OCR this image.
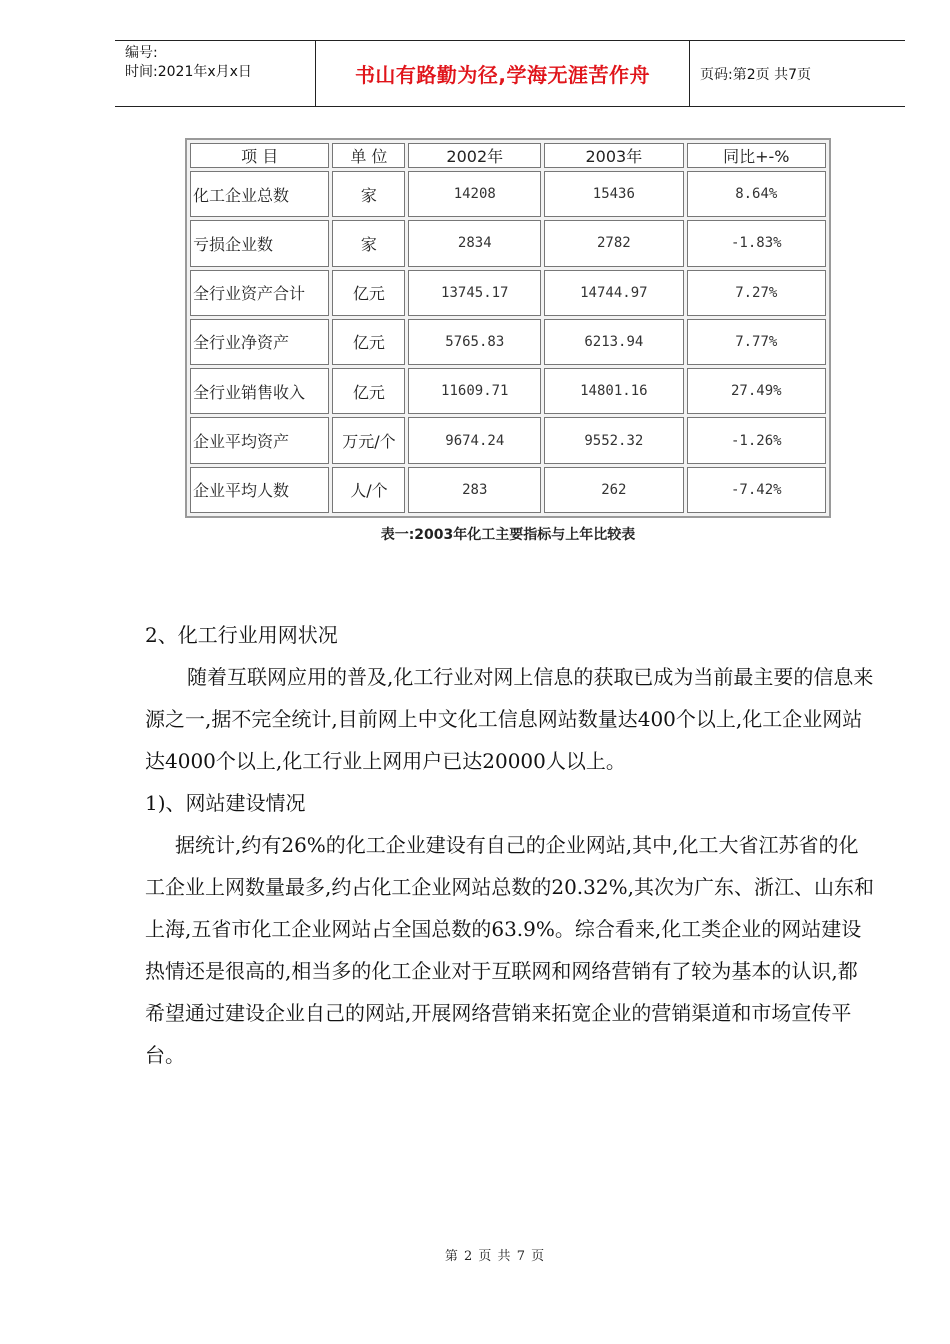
编号:
时间:2021年x月x日	书山有路勤为径,学海无涯苦作舟	页码:第2页 共7页
项 目	单 位	2002年	2003年	同比+-%
化工企业总数	家	14208	15436	8.64%
亏损企业数	家	2834	2782	-1.83%
全行业资产合计	亿元	13745.17	14744.97	7.27%
全行业净资产	亿元	5765.83	6213.94	7.77%
全行业销售收入	亿元	11609.71	14801.16	27.49%
企业平均资产	万元/个	9674.24	9552.32	-1.26%
企业平均人数	人/个	283	262	-7.42%
表一:2003年化工主要指标与上年比较表

2、化工行业用网状况

随着互联网应用的普及,化工行业对网上信息的获取已成为当前最主要的信息来源之一,据不完全统计,目前网上中文化工信息网站数量达400个以上,化工企业网站达4000个以上,化工行业上网用户已达20000人以上。

1)、网站建设情况

据统计,约有26%的化工企业建设有自己的企业网站,其中,化工大省江苏省的化工企业上网数量最多,约占化工企业网站总数的20.32%,其次为广东、浙江、山东和上海,五省市化工企业网站占全国总数的63.9%。综合看来,化工类企业的网站建设热情还是很高的,相当多的化工企业对于互联网和网络营销有了较为基本的认识,都希望通过建设企业自己的网站,开展网络营销来拓宽企业的营销渠道和市场宣传平台。

第 2 页 共 7 页
